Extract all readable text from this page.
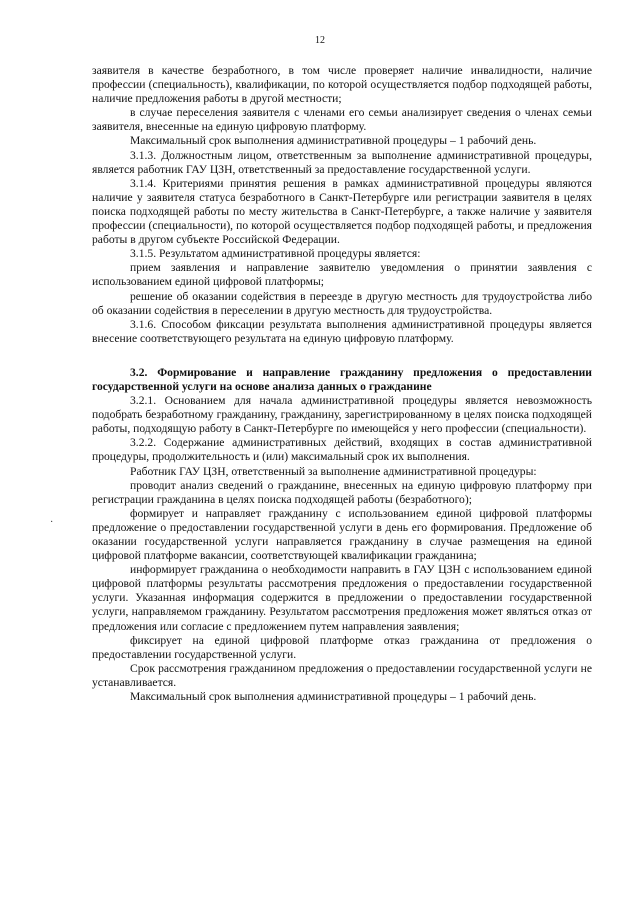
12
·

заявителя в качестве безработного, в том числе проверяет наличие инвалидности, наличие профессии (специальность), квалификации, по которой осуществляется подбор подходящей работы, наличие предложения работы в другой местности;

в случае переселения заявителя с членами его семьи анализирует сведения о членах семьи заявителя, внесенные на единую цифровую платформу.

Максимальный срок выполнения административной процедуры – 1 рабочий день.

3.1.3. Должностным лицом, ответственным за выполнение административной процедуры, является работник ГАУ ЦЗН, ответственный за предоставление государственной услуги.

3.1.4. Критериями принятия решения в рамках административной процедуры являются наличие у заявителя статуса безработного в Санкт-Петербурге или регистрации заявителя в целях поиска подходящей работы по месту жительства в Санкт-Петербурге, а также наличие у заявителя профессии (специальности), по которой осуществляется подбор подходящей работы, и предложения работы в другом субъекте Российской Федерации.

3.1.5. Результатом административной процедуры является:

прием заявления и направление заявителю уведомления о принятии заявления с использованием единой цифровой платформы;

решение об оказании содействия в переезде в другую местность для трудоустройства либо об оказании содействия в переселении в другую местность для трудоустройства.

3.1.6. Способом фиксации результата выполнения административной процедуры является внесение соответствующего результата на единую цифровую платформу.

3.2. Формирование и направление гражданину предложения о предоставлении государственной услуги на основе анализа данных о гражданине

3.2.1. Основанием для начала административной процедуры является невозможность подобрать безработному гражданину, гражданину, зарегистрированному в целях поиска подходящей работы, подходящую работу в Санкт-Петербурге по имеющейся у него профессии (специальности).

3.2.2. Содержание административных действий, входящих в состав административной процедуры, продолжительность и (или) максимальный срок их выполнения.

Работник ГАУ ЦЗН, ответственный за выполнение административной процедуры:

проводит анализ сведений о гражданине, внесенных на единую цифровую платформу при регистрации гражданина в целях поиска подходящей работы (безработного);

формирует и направляет гражданину с использованием единой цифровой платформы предложение о предоставлении государственной услуги в день его формирования. Предложение об оказании государственной услуги направляется гражданину в случае размещения на единой цифровой платформе вакансии, соответствующей квалификации гражданина;

информирует гражданина о необходимости направить в ГАУ ЦЗН с использованием единой цифровой платформы результаты рассмотрения предложения о предоставлении государственной услуги. Указанная информация содержится в предложении о предоставлении государственной услуги, направляемом гражданину. Результатом рассмотрения предложения может являться отказ от предложения или согласие с предложением путем направления заявления;

фиксирует на единой цифровой платформе отказ гражданина от предложения о предоставлении государственной услуги.

Срок рассмотрения гражданином предложения о предоставлении государственной услуги не устанавливается.

Максимальный срок выполнения административной процедуры – 1 рабочий день.
